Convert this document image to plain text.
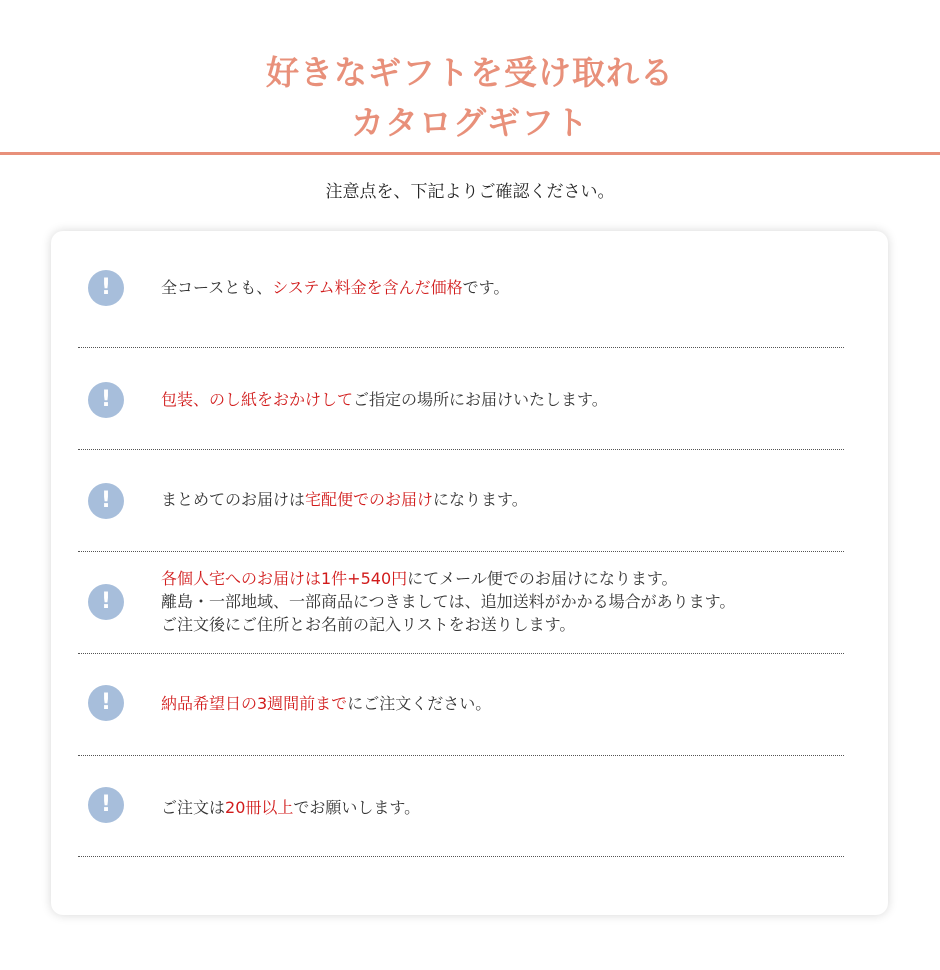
好きなギフトを受け取れる
カタログギフト
注意点を、下記よりご確認ください。
!	全コースとも、システム料金を含んだ価格です。
!	包装、のし紙をおかけしてご指定の場所にお届けいたします。
!	まとめてのお届けは宅配便でのお届けになります。
!
各個人宅へのお届けは1件+540円にてメール便でのお届けになります。
離島・一部地域、一部商品につきましては、追加送料がかかる場合があります。
ご注文後にご住所とお名前の記入リストをお送りします。
!	納品希望日の3週間前までにご注文ください。
!	ご注文は20冊以上でお願いします。
